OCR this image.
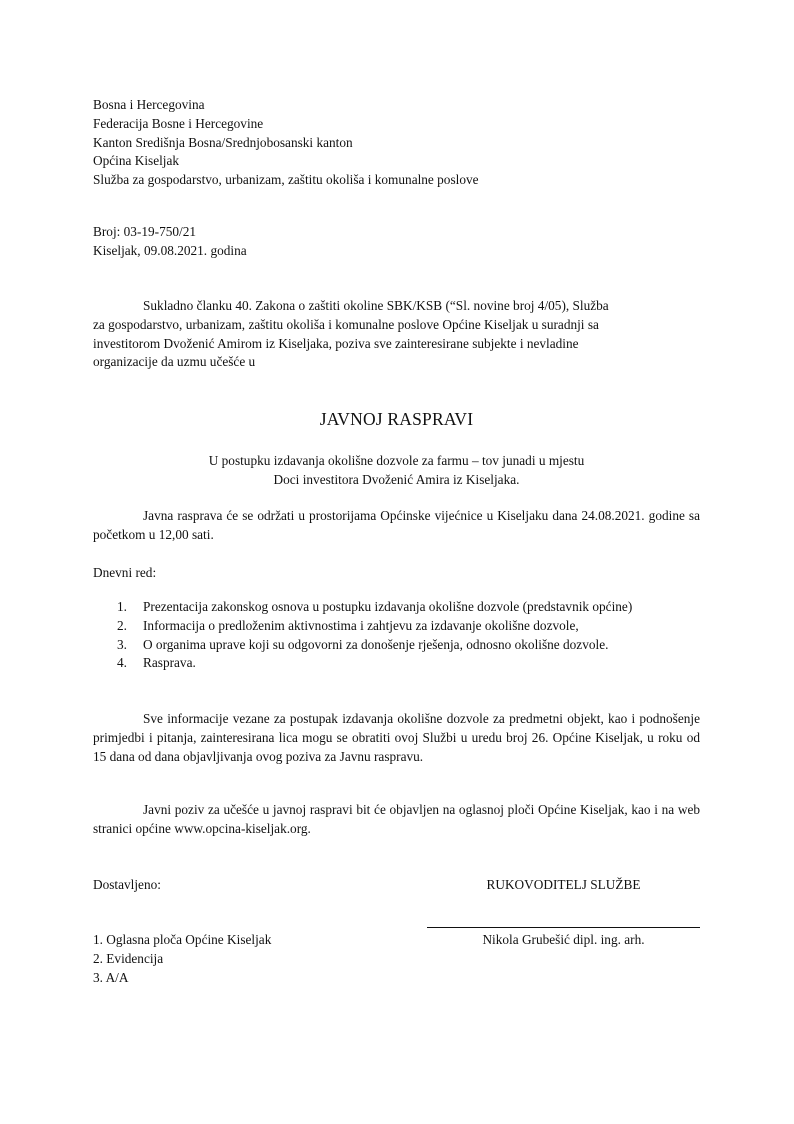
Bosna i Hercegovina
Federacija Bosne i Hercegovine
Kanton Središnja Bosna/Srednjobosanski kanton
Općina Kiseljak
Služba za gospodarstvo, urbanizam, zaštitu okoliša i komunalne poslove
Broj: 03-19-750/21
Kiseljak, 09.08.2021. godina
Sukladno članku 40. Zakona o zaštiti okoline SBK/KSB (“Sl. novine broj 4/05), Služba
za gospodarstvo, urbanizam, zaštitu okoliša i komunalne poslove Općine Kiseljak u suradnji sa
investitorom Dvoženić Amirom iz Kiseljaka, poziva sve zainteresirane subjekte i nevladine
organizacije da uzmu učešće u
JAVNOJ RASPRAVI
U postupku izdavanja okolišne dozvole za farmu – tov junadi u mjestu
Doci investitora Dvoženić Amira iz Kiseljaka.
Javna rasprava će se održati u prostorijama Općinske vijećnice u Kiseljaku dana 24.08.2021. godine sa početkom u 12,00 sati.
Dnevni red:
1. Prezentacija zakonskog osnova u postupku izdavanja okolišne dozvole (predstavnik općine)
2. Informacija o predloženim aktivnostima i zahtjevu za izdavanje okolišne dozvole,
3. O organima uprave koji su odgovorni za donošenje rješenja, odnosno okolišne dozvole.
4. Rasprava.
Sve informacije vezane za postupak izdavanja okolišne dozvole za predmetni objekt, kao i podnošenje primjedbi i pitanja, zainteresirana lica mogu se obratiti ovoj Službi u uredu broj 26. Općine Kiseljak, u roku od 15 dana od dana objavljivanja ovog poziva za Javnu raspravu.
Javni poziv za učešće u javnoj raspravi bit će objavljen na oglasnoj ploči Općine Kiseljak, kao i na web stranici općine www.opcina-kiseljak.org.
Dostavljeno:	RUKOVODITELJ SLUŽBE
Nikola Grubešić dipl. ing. arh.
1. Oglasna ploča Općine Kiseljak
2. Evidencija
3. A/A
